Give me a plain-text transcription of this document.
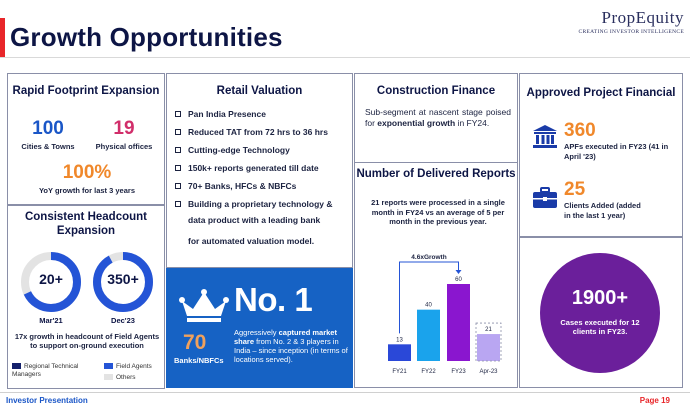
Growth Opportunities
PropEquity
CREATING INVESTOR INTELLIGENCE
Rapid Footprint Expansion
100
Cities & Towns
19
Physical offices
100%
YoY growth for last 3 years
Consistent Headcount Expansion
20+
Mar'21
350+
Dec'23
17x growth in headcount of Field Agents to support on-ground execution
Regional Technical Managers
Field Agents
Others
Retail Valuation
Pan India Presence
Reduced TAT from 72 hrs to 36 hrs
Cutting-edge Technology
150k+ reports generated till date
70+ Banks, HFCs & NBFCs
Building a proprietary technology &
data product with a leading bank
for automated valuation model.
No. 1
70
Banks/NBFCs
Aggressively captured market share from No. 2 & 3 players in India – since inception (in terms of locations served).
Construction Finance
Sub-segment at nascent stage poised for exponential growth in FY24.
Number of Delivered Reports
21 reports were processed in a single month in FY24 vs an average of 5 per month in the previous year.
4.6xGrowth
13
FY21
40
FY22
60
FY23
21
Apr-23
Approved Project Financial
360
APFs executed in FY23 (41 in April '23)
25
Clients Added (added in the last 1 year)
1900+
Cases executed for 12 clients in FY23.
Investor Presentation	Page 19
